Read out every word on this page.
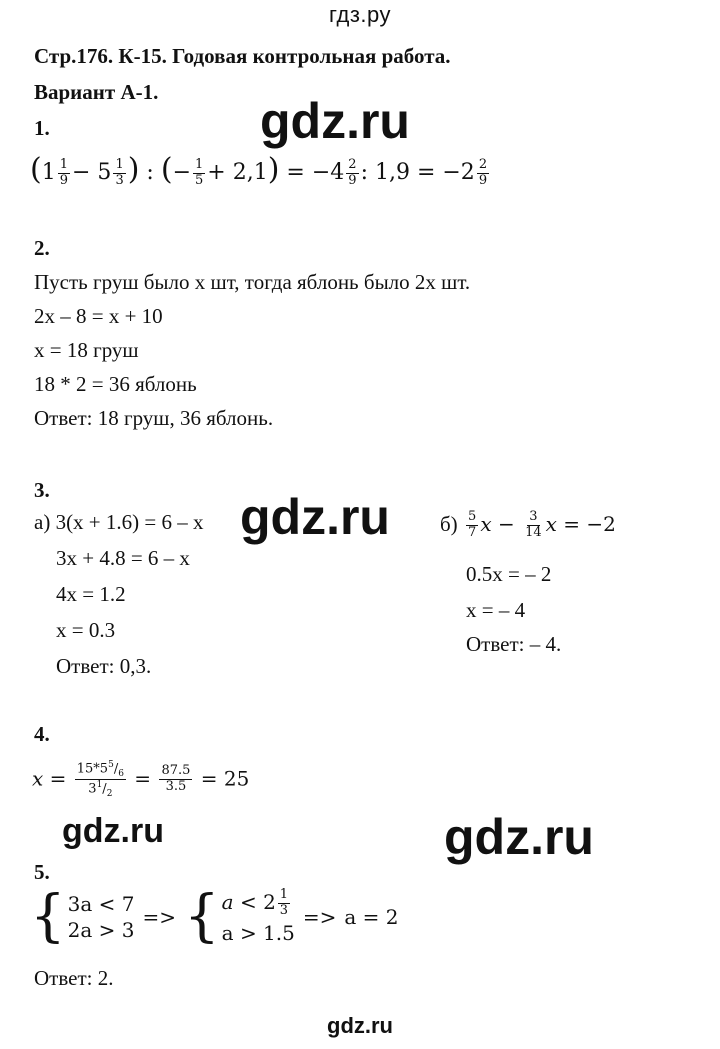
гдз.ру
Стр.176. К-15. Годовая контрольная работа.
Вариант А-1.
gdz.ru
gdz.ru
gdz.ru	gdz.ru
1.
($1 \frac{1}{9} - 5 \frac{1}{3}$ ) : (− $\frac{1}{5} + 2,1) = -4 \frac{2}{9}$ : $1,9 = -2 \frac{2}{9}$
2.
Пусть груш было х шт, тогда яблонь было 2х шт.
2х – 8 = х + 10
х = 18 груш
18 * 2 = 36 яблонь
Ответ: 18 груш, 36 яблонь.
3.
а) 3(х + 1.6) = 6 – х
3х + 4.8 = 6 – х
4х = 1.2
х = 0.3
Ответ: 0,3.
$б) \frac{5}{7}$ $x - \frac{3}{14}$ x = −2
0.5х = – 2
х = – 4
Ответ: – 4.
4.
$x = \frac{15*5^5/_6}{3^1/_2} = \frac{87.5}{3.5} = 25$
5.
{ 3a < 7
2a > 3
=> { $a < 2 \frac{1}{3}$
a > 1.5
=> a = 2
Ответ: 2.
gdz.ru
